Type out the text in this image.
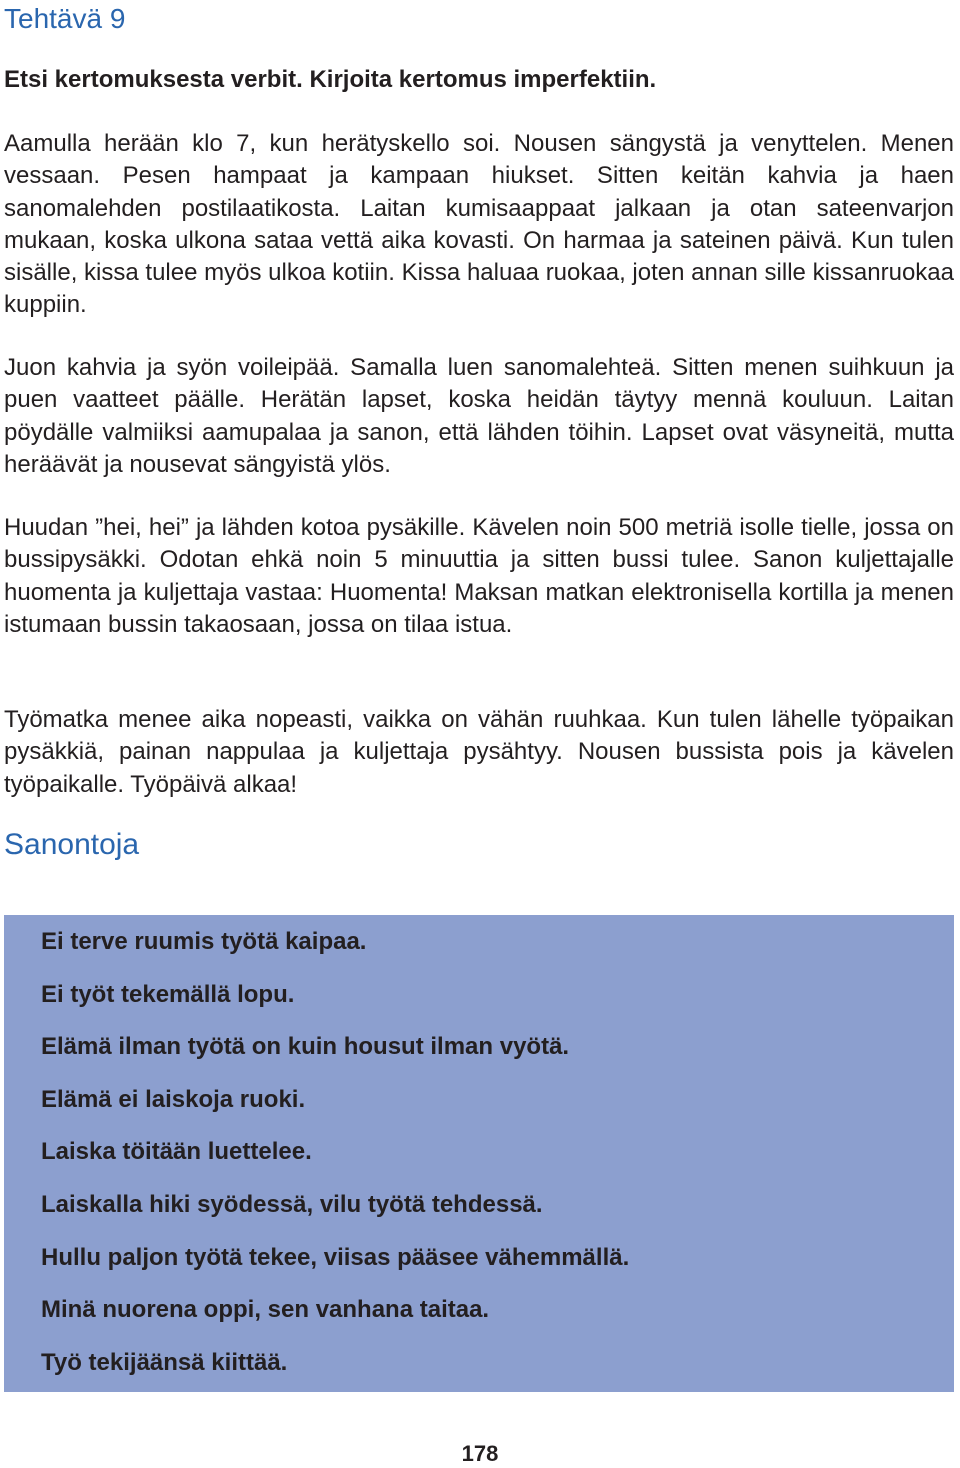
Tehtävä 9

Etsi kertomuksesta verbit. Kirjoita kertomus imperfektiin.

Aamulla herään klo 7, kun herätyskello soi. Nousen sängystä ja venyttelen. Menen vessaan. Pesen hampaat ja kampaan hiukset. Sitten keitän kahvia ja haen sanomalehden postilaatikosta. Laitan kumisaappaat jalkaan ja otan sateenvarjon mukaan, koska ulkona sataa vettä aika kovasti. On harmaa ja sateinen päivä. Kun tulen sisälle, kissa tulee myös ulkoa kotiin. Kissa haluaa ruokaa, joten annan sille kissanruokaa kuppiin.

Juon kahvia ja syön voileipää. Samalla luen sanomalehteä. Sitten menen suihkuun ja puen vaatteet päälle. Herätän lapset, koska heidän täytyy mennä kouluun. Laitan pöydälle valmiiksi aamupalaa ja sanon, että lähden töihin. Lapset ovat väsyneitä, mutta heräävät ja nousevat sängyistä ylös.

Huudan ”hei, hei” ja lähden kotoa pysäkille. Kävelen noin 500 metriä isolle tielle, jossa on bussipysäkki. Odotan ehkä noin 5 minuuttia ja sitten bussi tulee. Sanon kuljettajalle huomenta ja kuljettaja vastaa: Huomenta! Maksan matkan elektronisella kortilla ja menen istumaan bussin takaosaan, jossa on tilaa istua.

Työmatka menee aika nopeasti, vaikka on vähän ruuhkaa. Kun tulen lähelle työpaikan pysäkkiä, painan nappulaa ja kuljettaja pysähtyy. Nousen bussista pois ja kävelen työpaikalle. Työpäivä alkaa!

Sanontoja
Ei terve ruumis työtä kaipaa.
Ei työt tekemällä lopu.
Elämä ilman työtä on kuin housut ilman vyötä.
Elämä ei laiskoja ruoki.
Laiska töitään luettelee.
Laiskalla hiki syödessä, vilu työtä tehdessä.
Hullu paljon työtä tekee, viisas pääsee vähemmällä.
Minä nuorena oppi, sen vanhana taitaa.
Työ tekijäänsä kiittää.
178
